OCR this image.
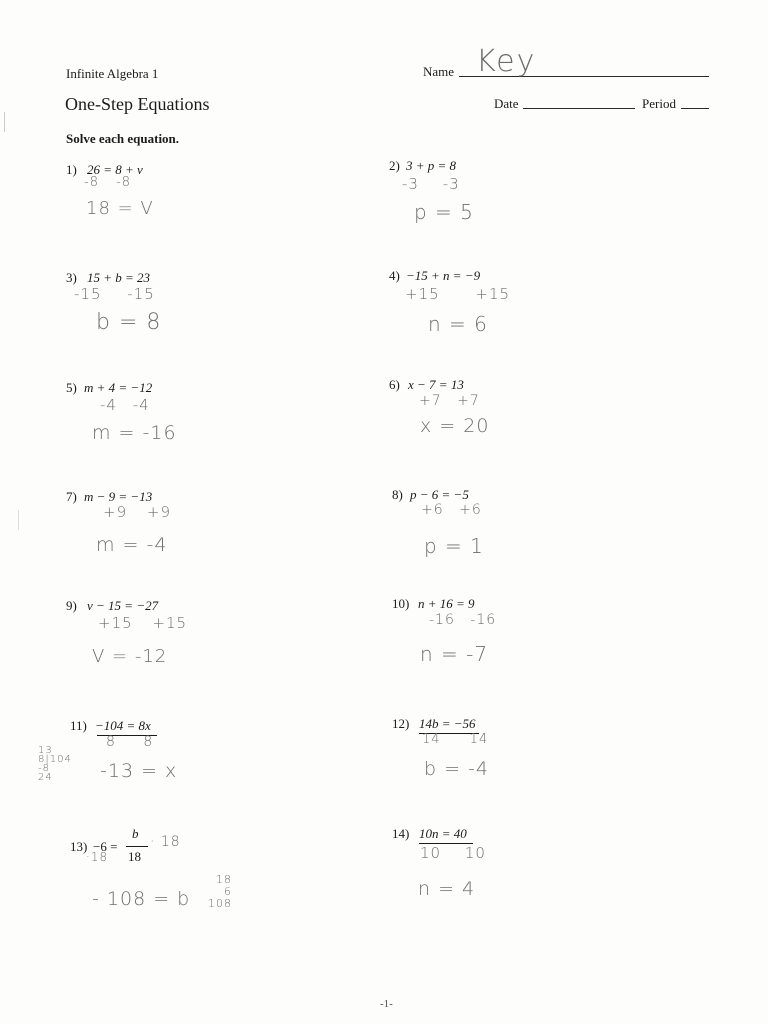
Infinite Algebra 1
One-Step Equations
Solve each equation.
Name Key
Date	Period
1) 26 = 8 + v
-8 -8
18 = V
2) 3 + p = 8
-3 -3
p = 5
3) 15 + b = 23
-15 -15
b = 8
4) −15 + n = −9
+15 +15
n = 6
5) m + 4 = −12
-4 -4
m = -16
6) x − 7 = 13
+7 +7
x = 20
7) m − 9 = −13
+9 +9
m = -4
8) p − 6 = −5
+6 +6
p = 1
9) v − 15 = −27
+15 +15
V = -12
10) n + 16 = 9
-16 -16
n = -7
11) −104 = 8x
8 8
-13 = x
13
8|104
-8
24
12) 14b = −56
14 14
b = -4
13) −6 =
b
18
· 18
·18
- 108 = b
18
6
108
14) 10n = 40
10 10
n = 4
-1-
